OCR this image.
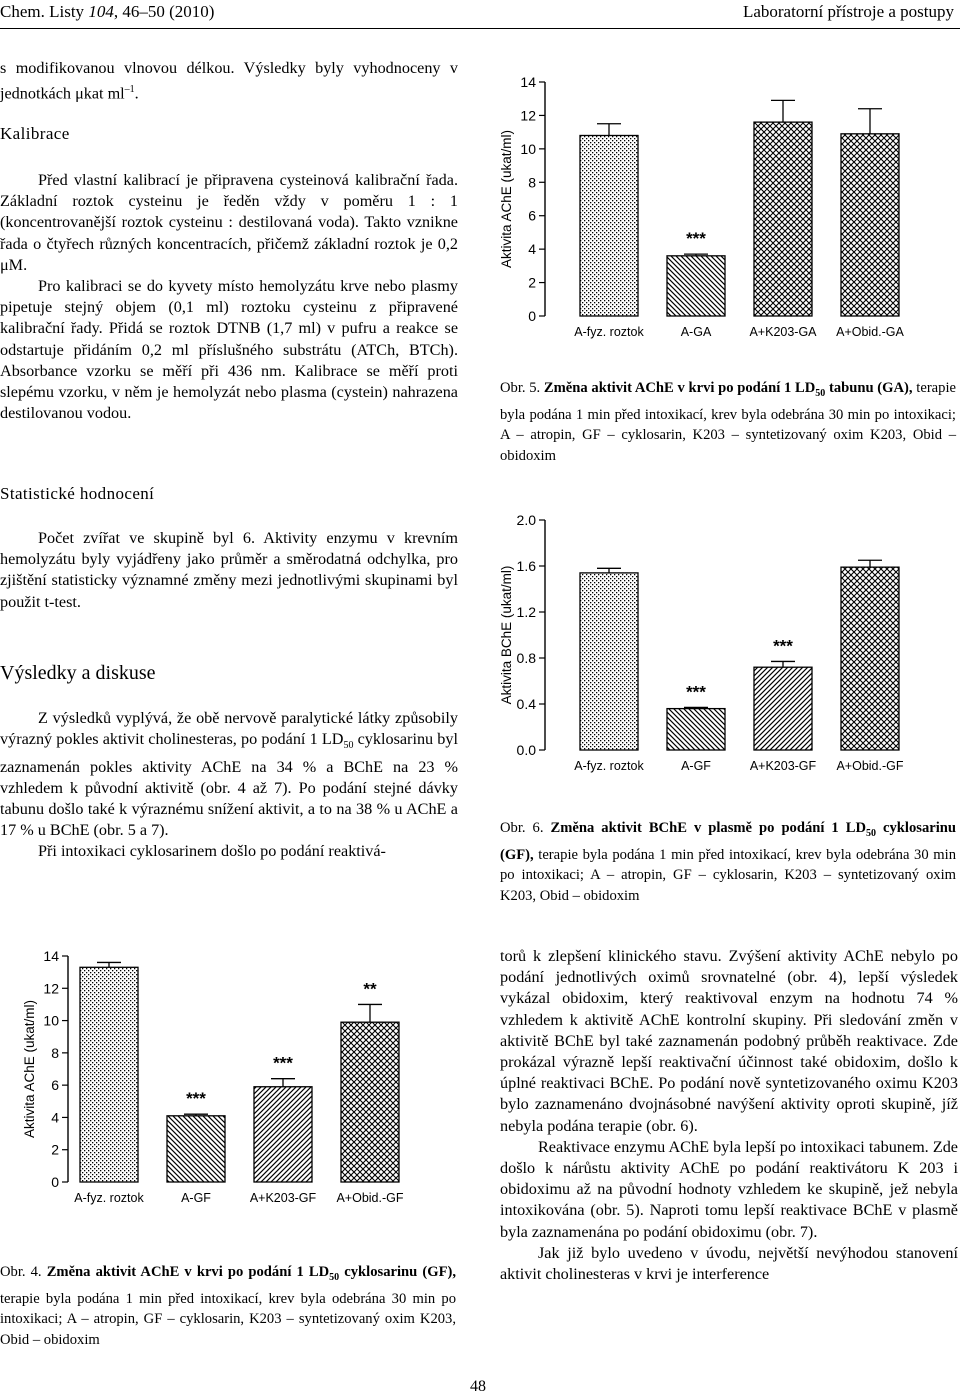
Chem. Listy 104, 46–50 (2010)	Laboratorní přístroje a postupy
s modifikovanou vlnovou délkou. Výsledky byly vyhodnoceny v jednotkách μkat $ml^{-1}$.
Kalibrace

Před vlastní kalibrací je připravena cysteinová kalibrační řada. Základní roztok cysteinu je ředěn vždy v poměru 1 : 1 (koncentrovanější roztok cysteinu : destilovaná voda). Takto vznikne řada o čtyřech různých koncentracích, přičemž základní roztok je 0,2 μM.

Pro kalibraci se do kyvety místo hemolyzátu krve nebo plasmy pipetuje stejný objem (0,1 ml) roztoku cysteinu z připravené kalibrační řady. Přidá se roztok DTNB (1,7 ml) v pufru a reakce se odstartuje přidáním 0,2 ml příslušného substrátu (ATCh, BTCh). Absorbance vzorku se měří při 436 nm. Kalibrace se měří proti slepému vzorku, v něm je hemolyzát nebo plasma (cystein) nahrazena destilovanou vodou.

Statistické hodnocení

Počet zvířat ve skupině byl 6. Aktivity enzymu v krevním hemolyzátu byly vyjádřeny jako průměr a směrodatná odchylka, pro zjištění statisticky významné změny mezi jednotlivými skupinami byl použit t-test.

Výsledky a diskuse

Z výsledků vyplývá, že obě nervově paralytické látky způsobily výrazný pokles aktivit cholinesteras, po podání 1 $LD_{50}$ cyklosarinu byl zaznamenán pokles aktivity AChE na 34 % a BChE na 23 % vzhledem k původní aktivitě (obr. 4 až 7). Po podání stejné dávky tabunu došlo také k výraznému snížení aktivit, a to na 38 % u AChE a 17 % u BChE (obr. 5 a 7).

Při intoxikaci cyklosarinem došlo po podání reaktivá-

Aktivita AChE (ukat/ml)
0
2
4
6
8
10
12
14
A-fyz. roztok
***
A-GA	A+K203-GA A+Obid.-GA
Obr. 5. Změna aktivit AChE v krvi po podání 1 $LD_{50}$ tabunu (GA), terapie byla podána 1 min před intoxikací, krev byla odebrána 30 min po intoxikaci; A – atropin, GF – cyklosarin, K203 – syntetizovaný oxim K203, Obid – obidoxim
Aktivita BChE (ukat/ml)
0.0
0.4
0.8
1.2
1.6
2.0
A-fyz. roztok
***
A-GF
***
A+K203-GF A+Obid.-GF
Obr. 6. Změna aktivit BChE v plasmě po podání 1 $LD_{50}$ cyklosarinu (GF), terapie byla podána 1 min před intoxikací, krev byla odebrána 30 min po intoxikaci; A – atropin, GF – cyklosarin, K203 – syntetizovaný oxim K203, Obid – obidoxim
Aktivita AChE (ukat/ml)
0
2
4
6
8
10
12
14
A-fyz. roztok
***
A-GF
***
A+K203-GF
**
A+Obid.-GF
Obr. 4. Změna aktivit AChE v krvi po podání 1 $LD_{50}$ cyklosarinu (GF), terapie byla podána 1 min před intoxikací, krev byla odebrána 30 min po intoxikaci; A – atropin, GF – cyklosarin, K203 – syntetizovaný oxim K203, Obid – obidoxim

torů k zlepšení klinického stavu. Zvýšení aktivity AChE nebylo po podání jednotlivých oximů srovnatelné (obr. 4), lepší výsledek vykázal obidoxim, který reaktivoval enzym na hodnotu 74 % vzhledem k aktivitě AChE kontrolní skupiny. Při sledování změn v aktivitě BChE byl také zaznamenán podobný průběh reaktivace. Zde prokázal výrazně lepší reaktivační účinnost také obidoxim, došlo k úplné reaktivaci BChE. Po podání nově syntetizovaného oximu K203 bylo zaznamenáno dvojnásobné navýšení aktivity oproti skupině, jíž nebyla podána terapie (obr. 6).

Reaktivace enzymu AChE byla lepší po intoxikaci tabunem. Zde došlo k nárůstu aktivity AChE po podání reaktivátoru K 203 i obidoximu až na původní hodnoty vzhledem ke skupině, jež nebyla intoxikována (obr. 5). Naproti tomu lepší reaktivace BChE v plasmě byla zaznamenána po podání obidoximu (obr. 7).

Jak již bylo uvedeno v úvodu, největší nevýhodou stanovení aktivit cholinesteras v krvi je interference

48
